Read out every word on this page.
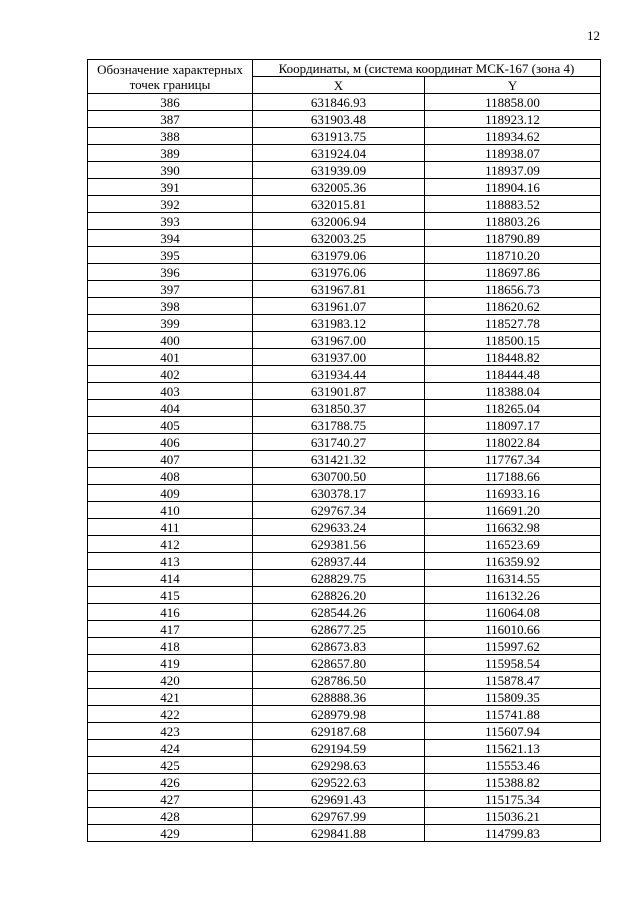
12
Обозначение характерных точек границы	Координаты, м (система координат МСК-167 (зона 4)	
	X	Y
386	631846.93	118858.00
387	631903.48	118923.12
388	631913.75	118934.62
389	631924.04	118938.07
390	631939.09	118937.09
391	632005.36	118904.16
392	632015.81	118883.52
393	632006.94	118803.26
394	632003.25	118790.89
395	631979.06	118710.20
396	631976.06	118697.86
397	631967.81	118656.73
398	631961.07	118620.62
399	631983.12	118527.78
400	631967.00	118500.15
401	631937.00	118448.82
402	631934.44	118444.48
403	631901.87	118388.04
404	631850.37	118265.04
405	631788.75	118097.17
406	631740.27	118022.84
407	631421.32	117767.34
408	630700.50	117188.66
409	630378.17	116933.16
410	629767.34	116691.20
411	629633.24	116632.98
412	629381.56	116523.69
413	628937.44	116359.92
414	628829.75	116314.55
415	628826.20	116132.26
416	628544.26	116064.08
417	628677.25	116010.66
418	628673.83	115997.62
419	628657.80	115958.54
420	628786.50	115878.47
421	628888.36	115809.35
422	628979.98	115741.88
423	629187.68	115607.94
424	629194.59	115621.13
425	629298.63	115553.46
426	629522.63	115388.82
427	629691.43	115175.34
428	629767.99	115036.21
429	629841.88	114799.83
